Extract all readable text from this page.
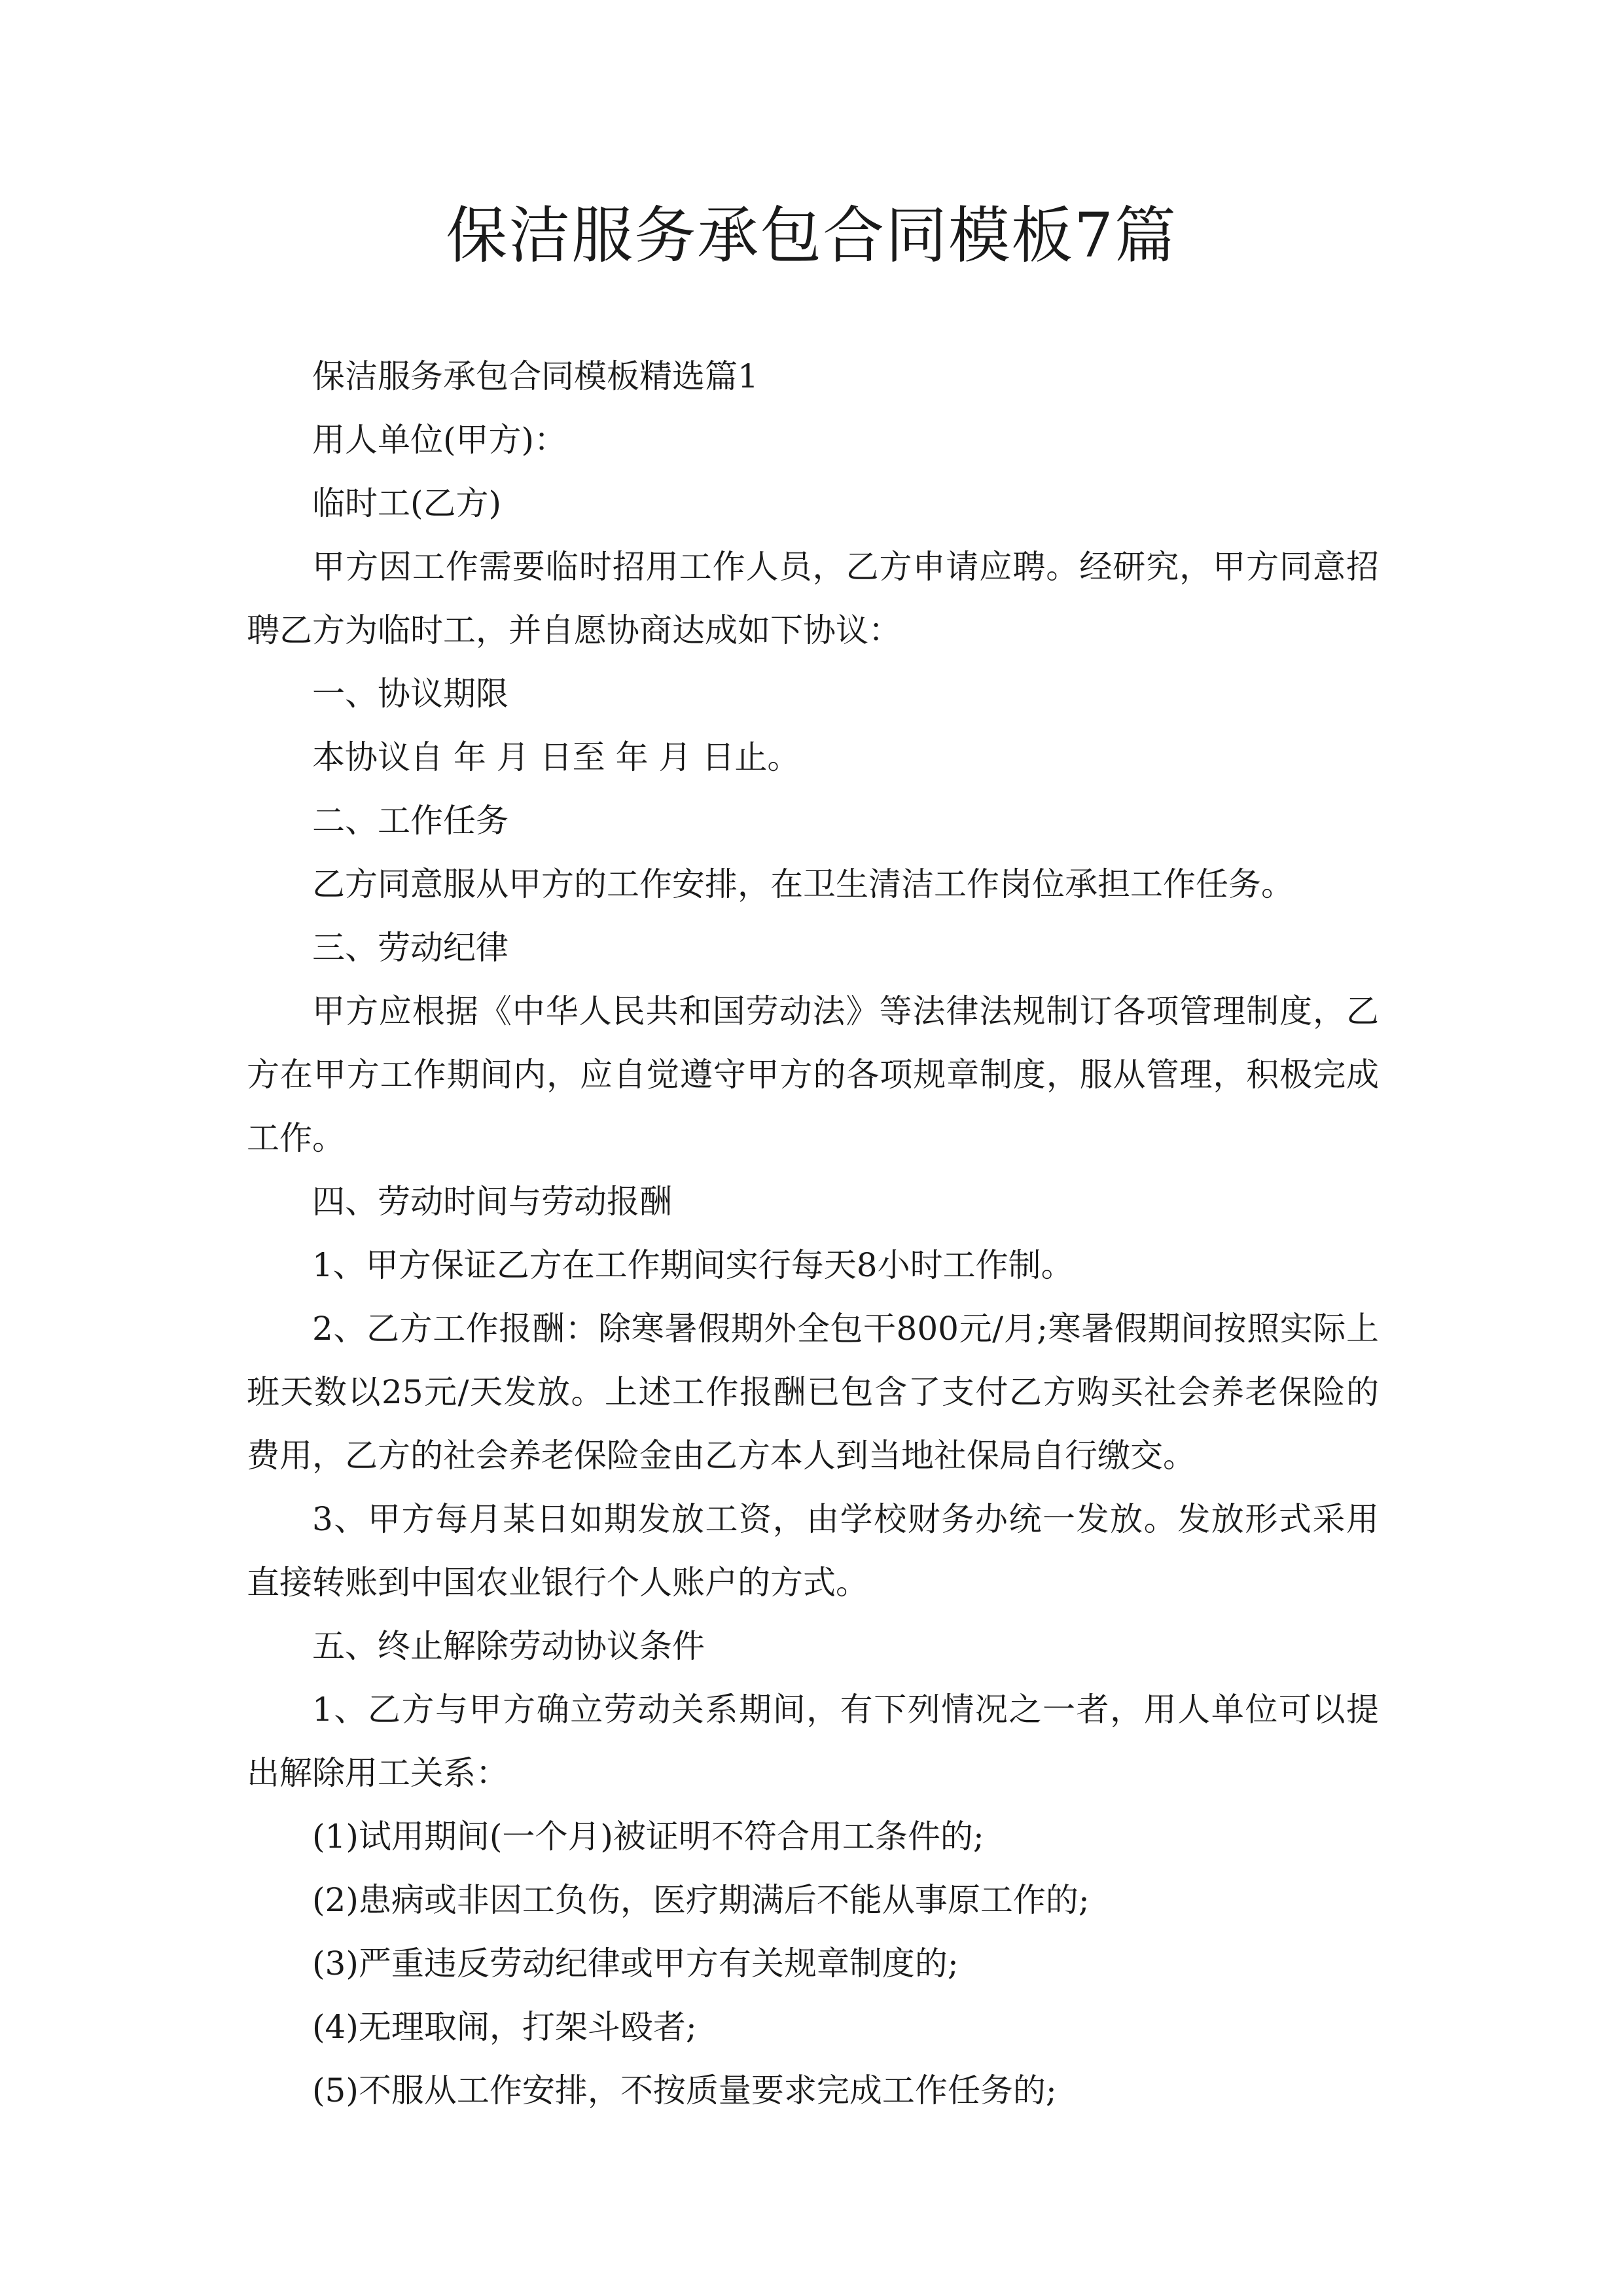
保洁服务承包合同模板7篇

保洁服务承包合同模板精选篇1

用人单位(甲方)：

临时工(乙方)

甲方因工作需要临时招用工作人员，乙方申请应聘。经研究，甲方同意招聘乙方为临时工，并自愿协商达成如下协议：

一、协议期限

本协议自 年 月 日至 年 月 日止。

二、工作任务

乙方同意服从甲方的工作安排，在卫生清洁工作岗位承担工作任务。

三、劳动纪律

甲方应根据《中华人民共和国劳动法》等法律法规制订各项管理制度，乙方在甲方工作期间内，应自觉遵守甲方的各项规章制度，服从管理，积极完成工作。

四、劳动时间与劳动报酬

1、甲方保证乙方在工作期间实行每天8小时工作制。

2、乙方工作报酬：除寒暑假期外全包干800元/月;寒暑假期间按照实际上班天数以25元/天发放。上述工作报酬已包含了支付乙方购买社会养老保险的费用，乙方的社会养老保险金由乙方本人到当地社保局自行缴交。

3、甲方每月某日如期发放工资，由学校财务办统一发放。发放形式采用直接转账到中国农业银行个人账户的方式。

五、终止解除劳动协议条件

1、乙方与甲方确立劳动关系期间，有下列情况之一者，用人单位可以提出解除用工关系：

(1)试用期间(一个月)被证明不符合用工条件的;

(2)患病或非因工负伤，医疗期满后不能从事原工作的;

(3)严重违反劳动纪律或甲方有关规章制度的;

(4)无理取闹，打架斗殴者;

(5)不服从工作安排，不按质量要求完成工作任务的;
